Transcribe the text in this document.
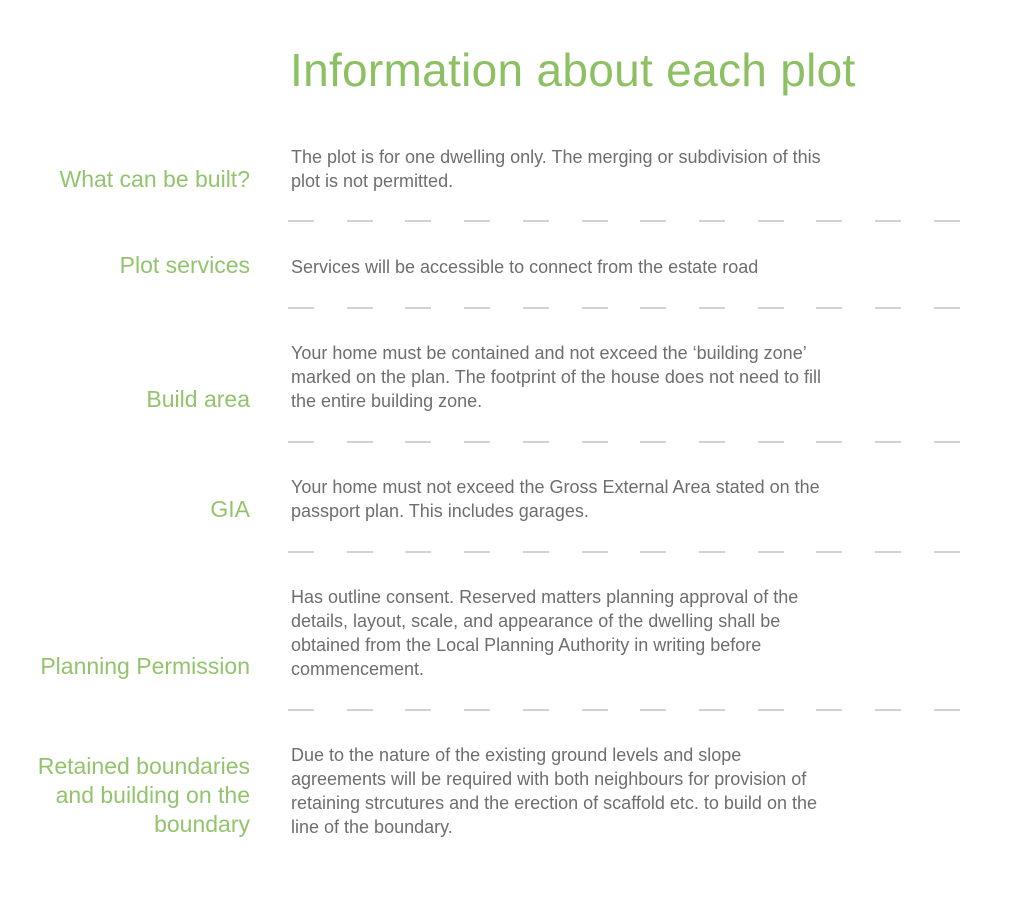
Information about each plot
What can be built?
The plot is for one dwelling only. The merging or subdivision of this
plot is not permitted.
Plot services Services will be accessible to connect from the estate road
Build area
Your home must be contained and not exceed the ‘building zone’
marked on the plan. The footprint of the house does not need to fill
the entire building zone.
GIA
Your home must not exceed the Gross External Area stated on the
passport plan. This includes garages.
Planning Permission
Has outline consent. Reserved matters planning approval of the
details, layout, scale, and appearance of the dwelling shall be
obtained from the Local Planning Authority in writing before
commencement.
Retained boundaries
and building on the
boundary
Due to the nature of the existing ground levels and slope
agreements will be required with both neighbours for provision of
retaining strcutures and the erection of scaffold etc. to build on the
line of the boundary.
